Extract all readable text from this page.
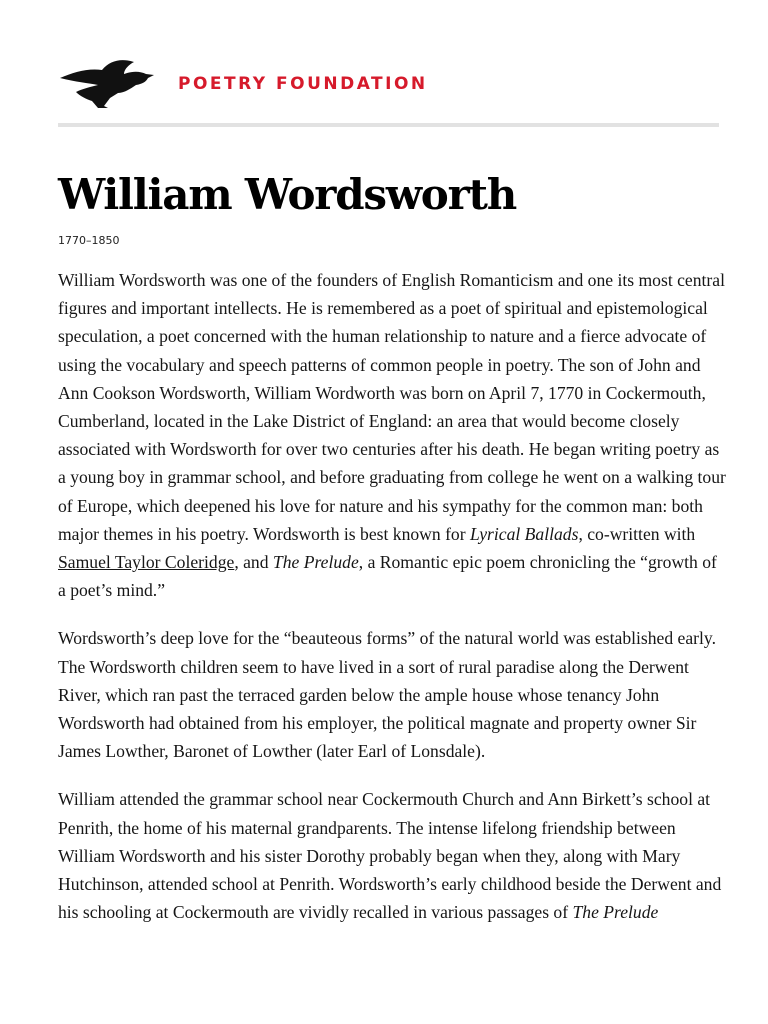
POETRY FOUNDATION
William Wordsworth
1770–1850

William Wordsworth was one of the founders of English Romanticism and one its most central figures and important intellects. He is remembered as a poet of spiritual and epistemological speculation, a poet concerned with the human relationship to nature and a fierce advocate of using the vocabulary and speech patterns of common people in poetry. The son of John and Ann Cookson Wordsworth, William Wordworth was born on April 7, 1770 in Cockermouth, Cumberland, located in the Lake District of England: an area that would become closely associated with Wordsworth for over two centuries after his death. He began writing poetry as a young boy in grammar school, and before graduating from college he went on a walking tour of Europe, which deepened his love for nature and his sympathy for the common man: both major themes in his poetry. Wordsworth is best known for Lyrical Ballads, co-written with Samuel Taylor Coleridge, and The Prelude, a Romantic epic poem chronicling the “growth of a poet’s mind.”

Wordsworth’s deep love for the “beauteous forms” of the natural world was established early. The Wordsworth children seem to have lived in a sort of rural paradise along the Derwent River, which ran past the terraced garden below the ample house whose tenancy John Wordsworth had obtained from his employer, the political magnate and property owner Sir James Lowther, Baronet of Lowther (later Earl of Lonsdale).

William attended the grammar school near Cockermouth Church and Ann Birkett’s school at Penrith, the home of his maternal grandparents. The intense lifelong friendship between William Wordsworth and his sister Dorothy probably began when they, along with Mary Hutchinson, attended school at Penrith. Wordsworth’s early childhood beside the Derwent and his schooling at Cockermouth are vividly recalled in various passages of The Prelude
